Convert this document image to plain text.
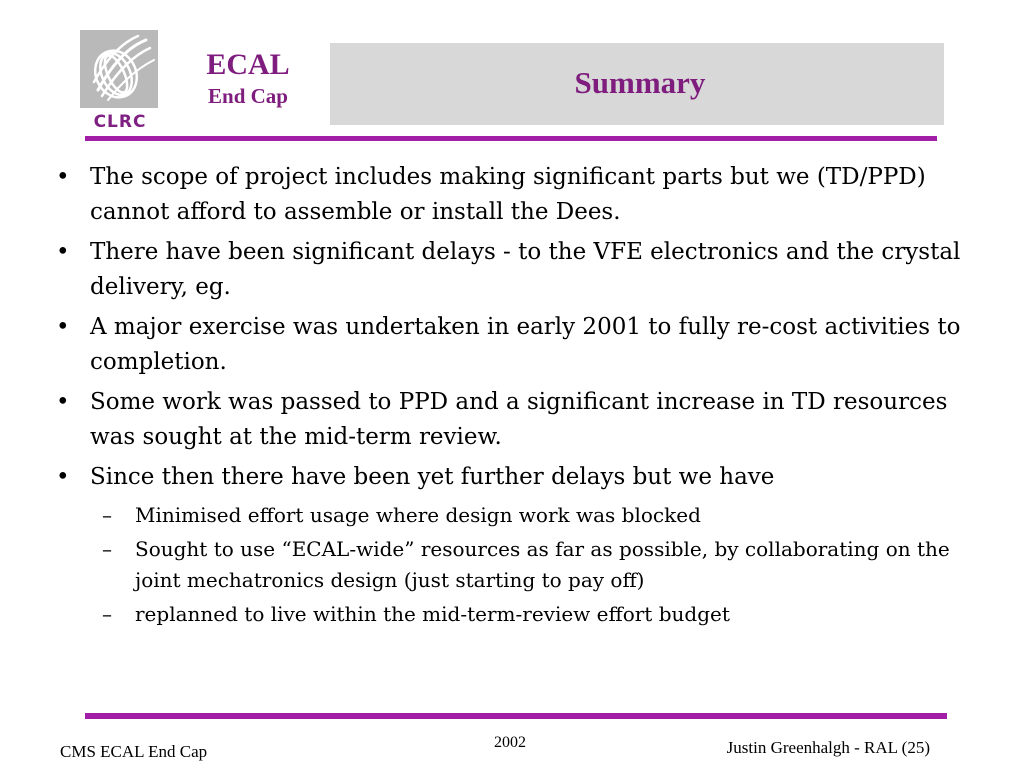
CLRC
ECAL
End Cap	Summary
• The scope of project includes making significant parts but we (TD/PPD) cannot afford to assemble or install the Dees.
• There have been significant delays - to the VFE electronics and the crystal delivery, eg.
• A major exercise was undertaken in early 2001 to fully re-cost activities to completion.
• Some work was passed to PPD and a significant increase in TD resources was sought at the mid-term review.
• Since then there have been yet further delays but we have
– Minimised effort usage where design work was blocked
– Sought to use “ECAL-wide” resources as far as possible, by collaborating on the joint mechatronics design (just starting to pay off)
– replanned to live within the mid-term-review effort budget
CMS ECAL End Cap	2002	Justin Greenhalgh - RAL (25)
